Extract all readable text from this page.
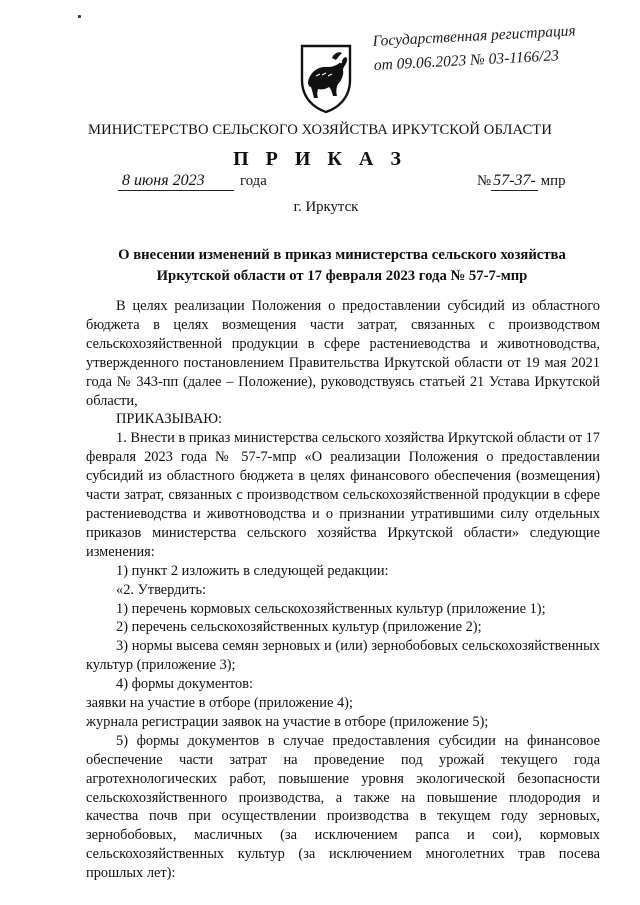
Государственная регистрация
от 09.06.2023 № 03-1166/23
МИНИСТЕРСТВО СЕЛЬСКОГО ХОЗЯЙСТВА ИРКУТСКОЙ ОБЛАСТИ
П Р И К А З
8 июня 2023 года	№ 57-37- мпр
г. Иркутск
О внесении изменений в приказ министерства сельского хозяйства Иркутской области от 17 февраля 2023 года № 57-7-мпр

В целях реализации Положения о предоставлении субсидий из областного бюджета в целях возмещения части затрат, связанных с производством сельскохозяйственной продукции в сфере растениеводства и животноводства, утвержденного постановлением Правительства Иркутской области от 19 мая 2021 года № 343-пп (далее – Положение), руководствуясь статьей 21 Устава Иркутской области,

ПРИКАЗЫВАЮ:

1. Внести в приказ министерства сельского хозяйства Иркутской области от 17 февраля 2023 года № 57-7-мпр «О реализации Положения о предоставлении субсидий из областного бюджета в целях финансового обеспечения (возмещения) части затрат, связанных с производством сельскохозяйственной продукции в сфере растениеводства и животноводства и о признании утратившими силу отдельных приказов министерства сельского хозяйства Иркутской области» следующие изменения:

1) пункт 2 изложить в следующей редакции:

«2. Утвердить:

1) перечень кормовых сельскохозяйственных культур (приложение 1);

2) перечень сельскохозяйственных культур (приложение 2);

3) нормы высева семян зерновых и (или) зернобобовых сельскохозяйственных культур (приложение 3);

4) формы документов:

заявки на участие в отборе (приложение 4);

журнала регистрации заявок на участие в отборе (приложение 5);

5) формы документов в случае предоставления субсидии на финансовое обеспечение части затрат на проведение под урожай текущего года агротехнологических работ, повышение уровня экологической безопасности сельскохозяйственного производства, а также на повышение плодородия и качества почв при осуществлении производства в текущем году зерновых, зернобобовых, масличных (за исключением рапса и сои), кормовых сельскохозяйственных культур (за исключением многолетних трав посева прошлых лет):
